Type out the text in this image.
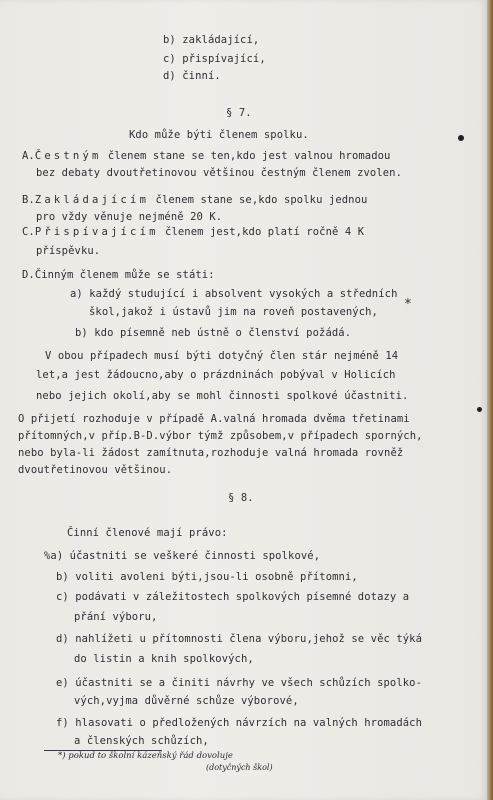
b) zakládající,
c) přispívající,
d) činní.
§ 7.
Kdo může býti členem spolku.
A.Čestným členem stane se ten,kdo jest valnou hromadou
bez debaty dvoutřetinovou většinou čestným členem zvolen.
B.Zakládajícím členem stane se,kdo spolku jednou
pro vždy věnuje nejméně 20 K.
C.Přispívajícím členem jest,kdo platí ročně 4 K
příspěvku.
D.Činným členem může se státi:
a) každý studující i absolvent vysokých a středních
škol,jakož i ústavů jim na roveň postavených, *
b) kdo písemně neb ústně o členství požádá.
V obou případech musí býti dotyčný člen stár nejméně 14
let,a jest žádoucno,aby o prázdninách pobýval v Holicích
nebo jejich okolí,aby se mohl činnosti spolkové účastniti.
O přijetí rozhoduje v případě A.valná hromada dvěma třetinami
přítomných,v příp.B-D.výbor týmž způsobem,v případech sporných,
nebo byla-li žádost zamítnuta,rozhoduje valná hromada rovněž
dvoutřetinovou většinou.
§ 8.
Činní členové mají právo:
%a) účastniti se veškeré činnosti spolkové,
b) voliti avoleni býti,jsou-li osobně přítomni,
c) podávati v záležitostech spolkových písemné dotazy a
přání výboru,
d) nahlížeti u přítomnosti člena výboru,jehož se věc týká
do listin a knih spolkových,
e) účastniti se a činiti návrhy ve všech schůzích spolko-
vých,vyjma důvěrné schůze výborové,
f) hlasovati o předložených návrzích na valných hromadách
a členských schůzích,
*) pokud to školní kázeňský řád dovoluje
(dotyčných škol)
